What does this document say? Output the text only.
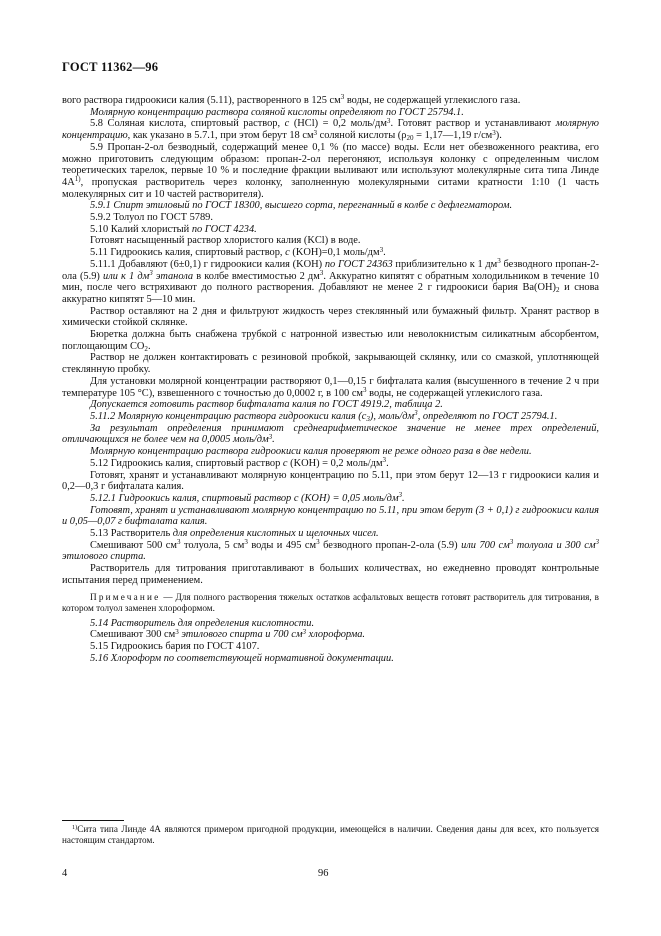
ГОСТ 11362—96

вого раствора гидроокиси калия (5.11), растворенного в 125 $см^3$ воды, не содержащей углекислого газа.

Молярную концентрацию раствора соляной кислоты определяют по ГОСТ 25794.1.

5.8 Соляная кислота, спиртовый раствор, c (HCl) = 0,2 моль/$дм^3$. Готовят раствор и устанавливают молярную концентрацию, как указано в 5.7.1, при этом берут 18 $см^3$ соляной кислоты ($\rho_{20}$ = 1,17—1,19 $г/см^3$).

5.9 Пропан-2-ол безводный, содержащий менее 0,1 % (по массе) воды. Если нет обезвоженного реактива, его можно приготовить следующим образом: пропан-2-ол перегоняют, используя колонку с определенным числом теоретических тарелок, первые 10 % и последние фракции выливают или используют молекулярные сита типа Линде $4А^{1)}$, пропуская растворитель через колонку, заполненную молекулярными ситами кратности 1:10 (1 часть молекулярных сит и 10 частей растворителя).

5.9.1 Спирт этиловый по ГОСТ 18300, высшего сорта, перегнанный в колбе с дефлегматором.

5.9.2 Толуол по ГОСТ 5789.

5.10 Калий хлористый по ГОСТ 4234.

Готовят насыщенный раствор хлористого калия (KCl) в воде.

5.11 Гидроокись калия, спиртовый раствор, c (KOH)=0,1 моль/$дм^3$.

5.11.1 Добавляют (6±0,1) г гидроокиси калия (KOH) по ГОСТ 24363 приблизительно к 1 $дм^3$ безводного пропан-2-ола (5.9) или к 1 $дм^3$ этанола в колбе вместимостью 2 $дм^3$. Аккуратно кипятят с обратным холодильником в течение 10 мин, после чего встряхивают до полного растворения. Добавляют не менее 2 г гидроокиси бария $Ba(OH)_2$ и снова аккуратно кипятят 5—10 мин.

Раствор оставляют на 2 дня и фильтруют жидкость через стеклянный или бумажный фильтр. Хранят раствор в химически стойкой склянке.

Бюретка должна быть снабжена трубкой с натронной известью или неволокнистым силикатным абсорбентом, поглощающим $CO_2$.

Раствор не должен контактировать с резиновой пробкой, закрывающей склянку, или со смазкой, уплотняющей стеклянную пробку.

Для установки молярной концентрации растворяют 0,1—0,15 г бифталата калия (высушенного в течение 2 ч при температуре 105 °С), взвешенного с точностью до 0,0002 г, в 100 $см^3$ воды, не содержащей углекислого газа.

Допускается готовить раствор бифталата калия по ГОСТ 4919.2, таблица 2.

5.11.2 Молярную концентрацию раствора гидроокиси калия $(c_3)$, моль/$дм^3$, определяют по ГОСТ 25794.1.

За результат определения принимают среднеарифметическое значение не менее трех определений, отличающихся не более чем на 0,0005 моль/$дм^3$.

Молярную концентрацию раствора гидроокиси калия проверяют не реже одного раза в две недели.

5.12 Гидроокись калия, спиртовый раствор c (KOH) = 0,2 моль/$дм^3$.

Готовят, хранят и устанавливают молярную концентрацию по 5.11, при этом берут 12—13 г гидроокиси калия и 0,2—0,3 г бифталата калия.

5.12.1 Гидроокись калия, спиртовый раствор c (KOH) = 0,05 моль/$дм^3$.

Готовят, хранят и устанавливают молярную концентрацию по 5.11, при этом берут (3 + 0,1) г гидроокиси калия и 0,05—0,07 г бифталата калия.

5.13 Растворитель для определения кислотных и щелочных чисел.

Смешивают 500 $см^3$ толуола, 5 $см^3$ воды и 495 $см^3$ безводного пропан-2-ола (5.9) или 700 $см^3$ толуола и 300 $см^3$ этилового спирта.

Растворитель для титрования приготавливают в больших количествах, но ежедневно проводят контрольные испытания перед применением.

Примечание — Для полного растворения тяжелых остатков асфальтовых веществ готовят растворитель для титрования, в котором толуол заменен хлороформом.

5.14 Растворитель для определения кислотности.

Смешивают 300 $см^3$ этилового спирта и 700 $см^3$ хлороформа.

5.15 Гидроокись бария по ГОСТ 4107.

5.16 Хлороформ по соответствующей нормативной документации.

$^{1)}$Сита типа Линде 4А являются примером пригодной продукции, имеющейся в наличии. Сведения даны для всех, кто пользуется настоящим стандартом.
4	96
